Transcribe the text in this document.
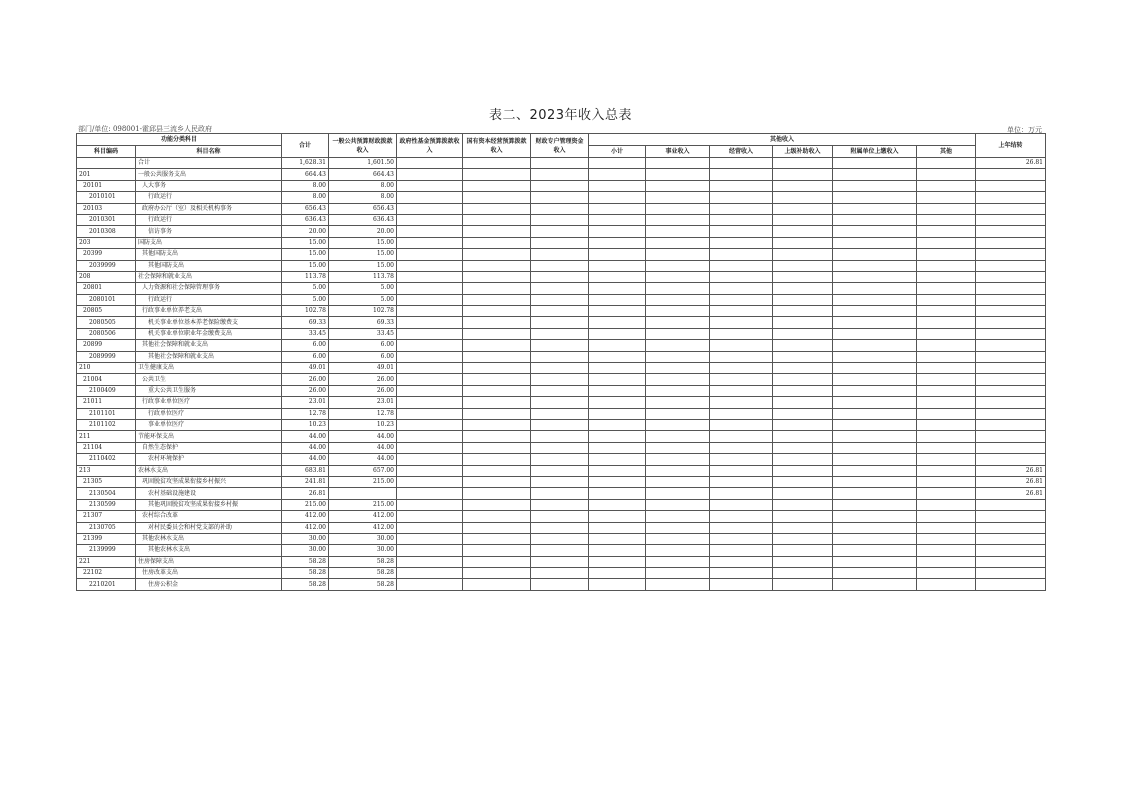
表二、2023年收入总表
部门/单位: 098001-霍邱县三流乡人民政府	单位：万元
功能分类科目		合计	一般公共预算财政拨款收入	政府性基金预算拨款收入	国有资本经营预算拨款收入	财政专户管理资金收入	其他收入						上年结转
科目编码	科目名称						小计	事业收入	经营收入	上级补助收入	附属单位上缴收入	其他	
	合计	1,628.31	1,601.50										26.81
201	一般公共服务支出	664.43	664.43										
20101	人大事务	8.00	8.00										
2010101	行政运行	8.00	8.00										
20103	政府办公厅（室）及相关机构事务	656.43	656.43										
2010301	行政运行	636.43	636.43										
2010308	信访事务	20.00	20.00										
203	国防支出	15.00	15.00										
20399	其他国防支出	15.00	15.00										
2039999	其他国防支出	15.00	15.00										
208	社会保障和就业支出	113.78	113.78										
20801	人力资源和社会保障管理事务	5.00	5.00										
2080101	行政运行	5.00	5.00										
20805	行政事业单位养老支出	102.78	102.78										
2080505	机关事业单位基本养老保险缴费支	69.33	69.33										
2080506	机关事业单位职业年金缴费支出	33.45	33.45										
20899	其他社会保障和就业支出	6.00	6.00										
2089999	其他社会保障和就业支出	6.00	6.00										
210	卫生健康支出	49.01	49.01										
21004	公共卫生	26.00	26.00										
2100409	重大公共卫生服务	26.00	26.00										
21011	行政事业单位医疗	23.01	23.01										
2101101	行政单位医疗	12.78	12.78										
2101102	事业单位医疗	10.23	10.23										
211	节能环保支出	44.00	44.00										
21104	自然生态保护	44.00	44.00										
2110402	农村环境保护	44.00	44.00										
213	农林水支出	683.81	657.00										26.81
21305	巩固脱贫攻坚成果衔接乡村振兴	241.81	215.00										26.81
2130504	农村基础设施建设	26.81											26.81
2130599	其他巩固脱贫攻坚成果衔接乡村振	215.00	215.00										
21307	农村综合改革	412.00	412.00										
2130705	对村民委员会和村党支部的补助	412.00	412.00										
21399	其他农林水支出	30.00	30.00										
2139999	其他农林水支出	30.00	30.00										
221	住房保障支出	58.28	58.28										
22102	住房改革支出	58.28	58.28										
2210201	住房公积金	58.28	58.28										
